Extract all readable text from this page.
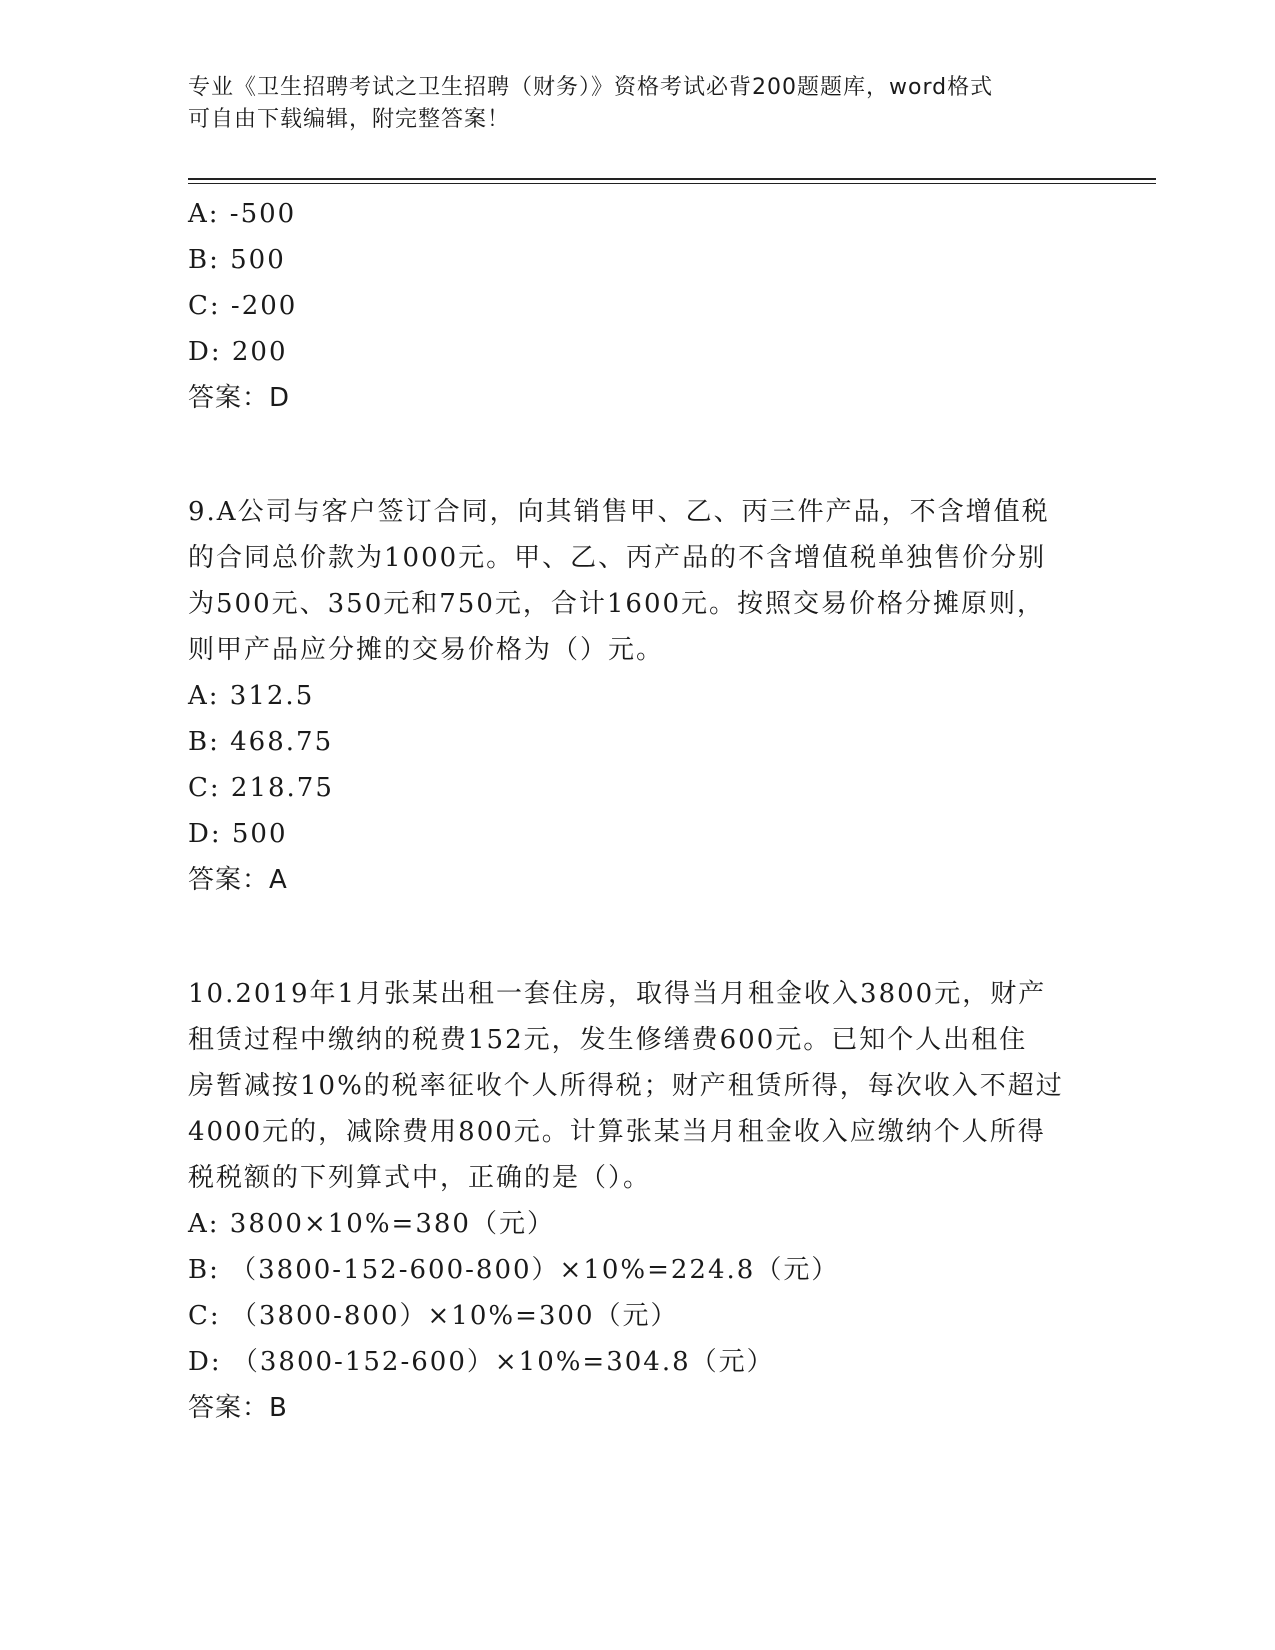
专业《卫生招聘考试之卫生招聘（财务）》资格考试必背200题题库，word格式
可自由下载编辑，附完整答案！
A: -500
B: 500
C: -200
D: 200
答案：D
9.A公司与客户签订合同，向其销售甲、乙、丙三件产品，不含增值税
的合同总价款为1000元。甲、乙、丙产品的不含增值税单独售价分别
为500元、350元和750元，合计1600元。按照交易价格分摊原则，
则甲产品应分摊的交易价格为（）元。
A: 312.5
B: 468.75
C: 218.75
D: 500
答案：A
10.2019年1月张某出租一套住房，取得当月租金收入3800元，财产
租赁过程中缴纳的税费152元，发生修缮费600元。已知个人出租住
房暂减按10%的税率征收个人所得税；财产租赁所得，每次收入不超过
4000元的，减除费用800元。计算张某当月租金收入应缴纳个人所得
税税额的下列算式中，正确的是（）。
A: 3800×10%=380（元）
B: （3800-152-600-800）×10%=224.8（元）
C: （3800-800）×10%=300（元）
D: （3800-152-600）×10%=304.8（元）
答案：B
